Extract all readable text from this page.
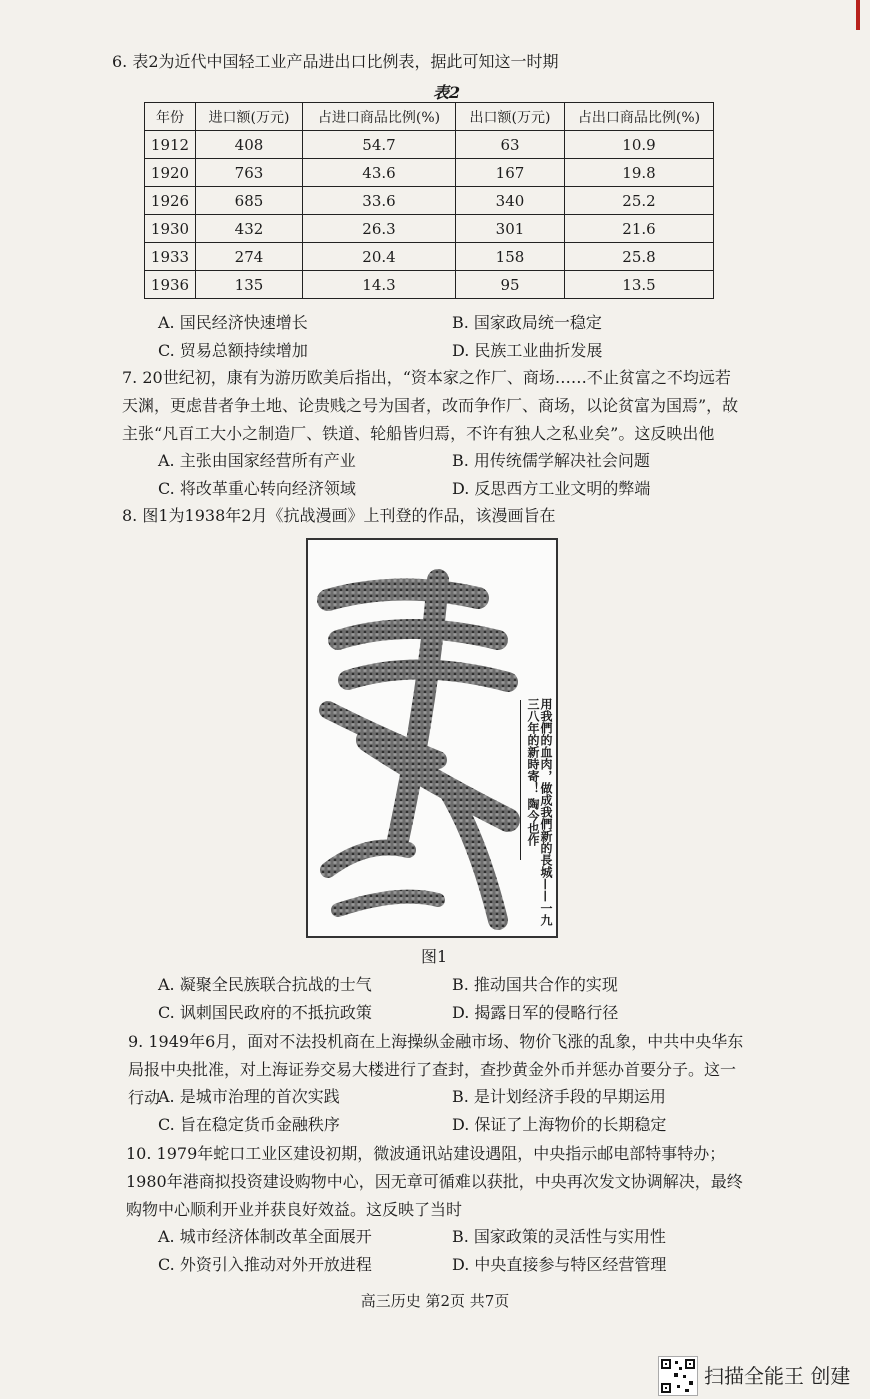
6. 表2为近代中国轻工业产品进出口比例表，据此可知这一时期
表2
年份	进口额(万元)	占进口商品比例(%)	出口额(万元)	占出口商品比例(%)
1912	408	54.7	63	10.9
1920	763	43.6	167	19.8
1926	685	33.6	340	25.2
1930	432	26.3	301	21.6
1933	274	20.4	158	25.8
1936	135	14.3	95	13.5
A. 国民经济快速增长	B. 国家政局统一稳定
C. 贸易总额持续增加	D. 民族工业曲折发展
7. 20世纪初，康有为游历欧美后指出，“资本家之作厂、商场……不止贫富之不均远若天渊，更虑昔者争土地、论贵贱之号为国者，改而争作厂、商场，以论贫富为国焉”，故主张“凡百工大小之制造厂、铁道、轮船皆归焉，不许有独人之私业矣”。这反映出他
A. 主张由国家经营所有产业	B. 用传统儒学解决社会问题
C. 将改革重心转向经济领域	D. 反思西方工业文明的弊端
8. 图1为1938年2月《抗战漫画》上刊登的作品，该漫画旨在
用我們的血肉，做成我們新的長城——一九三八年的新時寄！ 陶今也作
图1
A. 凝聚全民族联合抗战的士气	B. 推动国共合作的实现
C. 讽刺国民政府的不抵抗政策	D. 揭露日军的侵略行径
9. 1949年6月，面对不法投机商在上海操纵金融市场、物价飞涨的乱象，中共中央华东局报中央批准，对上海证券交易大楼进行了查封，查抄黄金外币并惩办首要分子。这一行动
A. 是城市治理的首次实践	B. 是计划经济手段的早期运用
C. 旨在稳定货币金融秩序	D. 保证了上海物价的长期稳定
10. 1979年蛇口工业区建设初期，微波通讯站建设遇阻，中央指示邮电部特事特办；1980年港商拟投资建设购物中心，因无章可循难以获批，中央再次发文协调解决，最终购物中心顺利开业并获良好效益。这反映了当时
A. 城市经济体制改革全面展开	B. 国家政策的灵活性与实用性
C. 外资引入推动对外开放进程	D. 中央直接参与特区经营管理
高三历史 第2页 共7页
扫描全能王 创建
